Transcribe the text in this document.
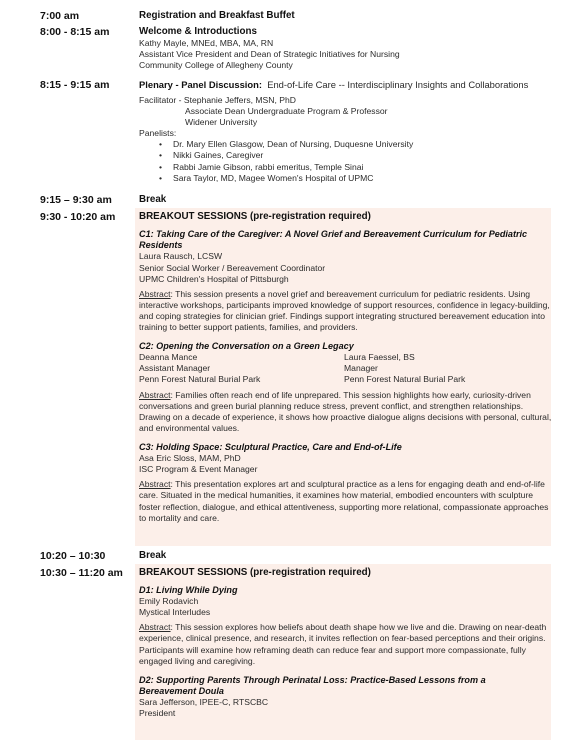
7:00 am	Registration and Breakfast Buffet
8:00 - 8:15 am	Welcome & Introductions
Kathy Mayle, MNEd, MBA, MA, RN
Assistant Vice President and Dean of Strategic Initiatives for Nursing
Community College of Allegheny County
8:15 - 9:15 am	Plenary - Panel Discussion: End-of-Life Care -- Interdisciplinary Insights and Collaborations
Facilitator - Stephanie Jeffers, MSN, PhD
Associate Dean Undergraduate Program & Professor
Widener University
Panelists:
• Dr. Mary Ellen Glasgow, Dean of Nursing, Duquesne University
• Nikki Gaines, Caregiver
• Rabbi Jamie Gibson, rabbi emeritus, Temple Sinai
• Sara Taylor, MD, Magee Women's Hospital of UPMC
9:15 – 9:30 am	Break
9:30 - 10:20 am BREAKOUT SESSIONS (pre-registration required)
C1: Taking Care of the Caregiver: A Novel Grief and Bereavement Curriculum for Pediatric
Residents
Laura Rausch, LCSW
Senior Social Worker / Bereavement Coordinator
UPMC Children's Hospital of Pittsburgh
Abstract: This session presents a novel grief and bereavement curriculum for pediatric residents. Using
interactive workshops, participants improved knowledge of support resources, confidence in legacy-building,
and coping strategies for clinician grief. Findings support integrating structured bereavement education into
training to better support patients, families, and providers.
C2: Opening the Conversation on a Green Legacy
Deanna Mance
Assistant Manager
Penn Forest Natural Burial Park
Laura Faessel, BS
Manager
Penn Forest Natural Burial Park
Abstract: Families often reach end of life unprepared. This session highlights how early, curiosity-driven
conversations and green burial planning reduce stress, prevent conflict, and strengthen relationships.
Drawing on a decade of experience, it shows how proactive dialogue aligns decisions with personal, cultural,
and environmental values.
C3: Holding Space: Sculptural Practice, Care and End-of-Life
Asa Eric Sloss, MAM, PhD
ISC Program & Event Manager
Abstract: This presentation explores art and sculptural practice as a lens for engaging death and end-of-life
care. Situated in the medical humanities, it examines how material, embodied encounters with sculpture
foster reflection, dialogue, and ethical attentiveness, supporting more relational, compassionate approaches
to mortality and care.
10:20 – 10:30	Break
10:30 – 11:20 am BREAKOUT SESSIONS (pre-registration required)
D1: Living While Dying
Emily Rodavich
Mystical Interludes
Abstract: This session explores how beliefs about death shape how we live and die. Drawing on near-death
experience, clinical presence, and research, it invites reflection on fear-based perceptions and their origins.
Participants will examine how reframing death can reduce fear and support more compassionate, fully
engaged living and caregiving.
D2: Supporting Parents Through Perinatal Loss: Practice-Based Lessons from a
Bereavement Doula
Sara Jefferson, IPEE-C, RTSCBC
President
